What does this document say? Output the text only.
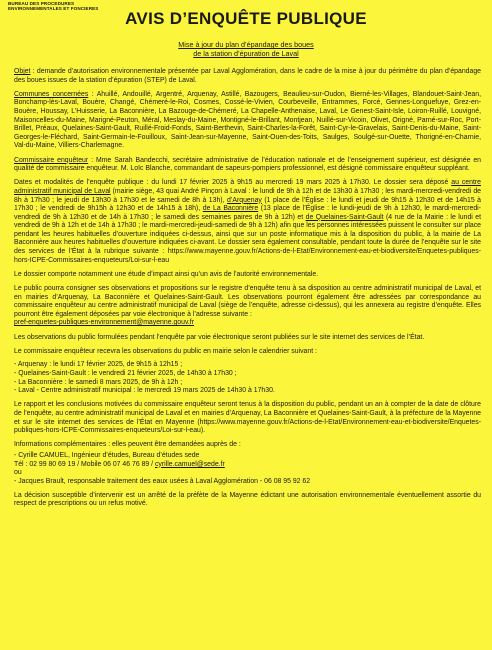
BUREAU DES PROCEDURES
ENVIRONNEMENTALES ET FONCIERES
AVIS D’ENQUÊTE PUBLIQUE
Mise à jour du plan d’épandage des boues
de la station d’épuration de Laval

Objet : demande d’autorisation environnementale présentée par Laval Agglomération, dans le cadre de la mise à jour du périmètre du plan d’épandage des boues issues de la station d’épuration (STEP) de Laval.

Communes concernées : Ahuillé, Andouillé, Argentré, Arquenay, Astillé, Bazougers, Beaulieu-sur-Oudon, Bierné-les-Villages, Blandouet-Saint-Jean, Bonchamp-lès-Laval, Bouère, Changé, Chémeré-le-Roi, Cosmes, Cossé-le-Vivien, Courbeveille, Entrammes, Forcé, Gennes-Longuefuye, Grez-en-Bouère, Houssay, L’Huisserie, La Baconnière, La Bazouge-de-Chémeré, La Chapelle-Anthenaise, Laval, Le Genest-Saint-Isle, Loiron-Ruillé, Louvigné, Maisoncelles-du-Maine, Marigné-Peuton, Méral, Meslay-du-Maine, Montigné-le-Brillant, Montjean, Nuillé-sur-Vicoin, Olivet, Origné, Parné-sur-Roc, Port-Brillet, Préaux, Quelaines-Saint-Gault, Ruillé-Froid-Fonds, Saint-Berthevin, Saint-Charles-la-Forêt, Saint-Cyr-le-Gravelais, Saint-Denis-du-Maine, Saint-Georges-le-Fléchard, Saint-Germain-le-Fouilloux, Saint-Jean-sur-Mayenne, Saint-Ouen-des-Toits, Saulges, Soulgé-sur-Ouette, Thorigné-en-Charnie, Val-du-Maine, Villiers-Charlemagne.

Commissaire enquêteur : Mme Sarah Bandecchi, secrétaire administrative de l’éducation nationale et de l’enseignement supérieur, est désignée en qualité de commissaire enquêteur. M. Loïc Blanche, commandant de sapeurs-pompiers professionnel, est désigné commissaire enquêteur suppléant.

Dates et modalités de l’enquête publique : du lundi 17 février 2025 à 9h15 au mercredi 19 mars 2025 à 17h30. Le dossier sera déposé au centre administratif municipal de Laval (mairie siège, 43 quai André Pinçon à Laval : le lundi de 9h à 12h et de 13h30 à 17h30 ; les mardi-mercredi-vendredi de 8h à 17h30 ; le jeudi de 13h30 à 17h30 et le samedi de 8h à 13h), d’Arquenay (1 place de l’Église : le lundi et jeudi de 9h15 à 12h30 et de 14h15 à 17h30 ; le vendredi de 9h15h à 12h30 et de 14h15 à 18h), de La Baconnière (13 place de l’Église : le lundi-jeudi de 9h à 12h30, le mardi-mercredi-vendredi de 9h à 12h30 et de 14h à 17h30 ; le samedi des semaines paires de 9h à 12h) et de Quelaines-Saint-Gault (4 rue de la Mairie : le lundi et vendredi de 9h à 12h et de 14h à 17h30 ; le mardi-mercredi-jeudi-samedi de 9h à 12h) afin que les personnes intéressées puissent le consulter sur place pendant les heures habituelles d’ouverture indiquées ci-dessus, ainsi que sur un poste informatique mis à la disposition du public, à la mairie de La Baconnière aux heures habituelles d’ouverture indiquées ci-avant. Le dossier sera également consultable, pendant toute la durée de l’enquête sur le site des services de l’État à la rubrique suivante : https://www.mayenne.gouv.fr/Actions-de-l-Etat/Environnement-eau-et-biodiversite/Enquetes-publiques-hors-ICPE-Commissaires-enqueteurs/Loi-sur-l-eau

Le dossier comporte notamment une étude d’impact ainsi qu’un avis de l’autorité environnementale.

Le public pourra consigner ses observations et propositions sur le registre d’enquête tenu à sa disposition au centre administratif municipal de Laval, et en mairies d’Arquenay, La Baconnière et Quelaines-Saint-Gault. Les observations pourront également être adressées par correspondance au commissaire enquêteur au centre administratif municipal de Laval (siège de l’enquête, adresse ci-dessus), qui les annexera au registre d’enquête. Elles pourront être également déposées par voie électronique à l’adresse suivante :
pref-enquetes-publiques-environnement@mayenne.gouv.fr

Les observations du public formulées pendant l’enquête par voie électronique seront publiées sur le site internet des services de l’État.

Le commissaire enquêteur recevra les observations du public en mairie selon le calendrier suivant :

- Arquenay : le lundi 17 février 2025, de 9h15 à 12h15 ;

- Quelaines-Saint-Gault : le vendredi 21 février 2025, de 14h30 à 17h30 ;

- La Baconnière : le samedi 8 mars 2025, de 9h à 12h ;

- Laval - Centre administratif municipal : le mercredi 19 mars 2025 de 14h30 à 17h30.

Le rapport et les conclusions motivées du commissaire enquêteur seront tenus à la disposition du public, pendant un an à compter de la date de clôture de l’enquête, au centre administratif municipal de Laval et en mairies d’Arquenay, La Baconnière et Quelaines-Saint-Gault, à la préfecture de la Mayenne et sur le site internet des services de l’État en Mayenne (https://www.mayenne.gouv.fr/Actions-de-l-Etat/Environnement-eau-et-biodiversite/Enquetes-publiques-hors-ICPE-Commissaires-enqueteurs/Loi-sur-l-eau).

Informations complémentaires : elles peuvent être demandées auprès de :

- Cyrille CAMUEL, Ingénieur d’études, Bureau d’études sede

Tél : 02 99 80 69 19 / Mobile 06 07 46 76 89 / cyrille.camuel@sede.fr

ou

- Jacques Brault, responsable traitement des eaux usées à Laval Agglomération - 06 08 95 92 62

La décision susceptible d’intervenir est un arrêté de la préfète de la Mayenne édictant une autorisation environnementale éventuellement assortie du respect de prescriptions ou un refus motivé.
